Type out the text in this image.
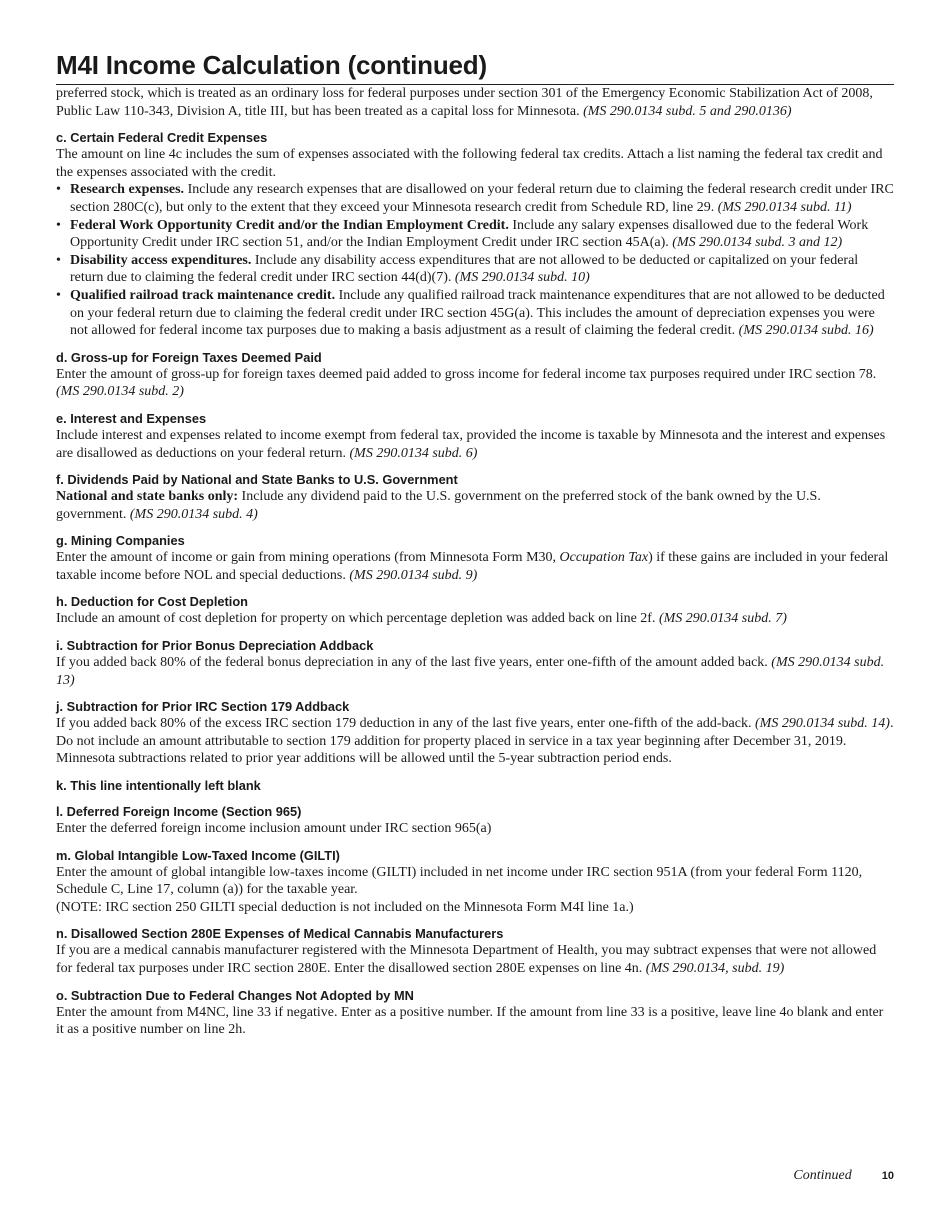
M4I Income Calculation (continued)

preferred stock, which is treated as an ordinary loss for federal purposes under section 301 of the Emergency Economic Stabilization Act of 2008, Public Law 110-343, Division A, title III, but has been treated as a capital loss for Minnesota. (MS 290.0134 subd. 5 and 290.0136)

c. Certain Federal Credit Expenses

The amount on line 4c includes the sum of expenses associated with the following federal tax credits. Attach a list naming the federal tax credit and the expenses associated with the credit.

• Research expenses. Include any research expenses that are disallowed on your federal return due to claiming the federal research credit under IRC section 280C(c), but only to the extent that they exceed your Minnesota research credit from Schedule RD, line 29. (MS 290.0134 subd. 11)
• Federal Work Opportunity Credit and/or the Indian Employment Credit. Include any salary expenses disallowed due to the federal Work Opportunity Credit under IRC section 51, and/or the Indian Employment Credit under IRC section 45A(a). (MS 290.0134 subd. 3 and 12)
• Disability access expenditures. Include any disability access expenditures that are not allowed to be deducted or capitalized on your federal return due to claiming the federal credit under IRC section 44(d)(7). (MS 290.0134 subd. 10)
• Qualified railroad track maintenance credit. Include any qualified railroad track maintenance expenditures that are not allowed to be deducted on your federal return due to claiming the federal credit under IRC section 45G(a). This includes the amount of depreciation expenses you were not allowed for federal income tax purposes due to making a basis adjustment as a result of claiming the federal credit. (MS 290.0134 subd. 16)
d. Gross-up for Foreign Taxes Deemed Paid

Enter the amount of gross-up for foreign taxes deemed paid added to gross income for federal income tax purposes required under IRC section 78. (MS 290.0134 subd. 2)

e. Interest and Expenses

Include interest and expenses related to income exempt from federal tax, provided the income is taxable by Minnesota and the interest and expenses are disallowed as deductions on your federal return. (MS 290.0134 subd. 6)

f. Dividends Paid by National and State Banks to U.S. Government

National and state banks only: Include any dividend paid to the U.S. government on the preferred stock of the bank owned by the U.S. government. (MS 290.0134 subd. 4)

g. Mining Companies

Enter the amount of income or gain from mining operations (from Minnesota Form M30, Occupation Tax) if these gains are included in your federal taxable income before NOL and special deductions. (MS 290.0134 subd. 9)

h. Deduction for Cost Depletion

Include an amount of cost depletion for property on which percentage depletion was added back on line 2f. (MS 290.0134 subd. 7)

i. Subtraction for Prior Bonus Depreciation Addback

If you added back 80% of the federal bonus depreciation in any of the last five years, enter one-fifth of the amount added back. (MS 290.0134 subd. 13)

j. Subtraction for Prior IRC Section 179 Addback

If you added back 80% of the excess IRC section 179 deduction in any of the last five years, enter one-fifth of the add-back. (MS 290.0134 subd. 14). Do not include an amount attributable to section 179 addition for property placed in service in a tax year beginning after December 31, 2019. Minnesota subtractions related to prior year additions will be allowed until the 5-year subtraction period ends.

k. This line intentionally left blank
l. Deferred Foreign Income (Section 965)

Enter the deferred foreign income inclusion amount under IRC section 965(a)

m. Global Intangible Low-Taxed Income (GILTI)

Enter the amount of global intangible low-taxes income (GILTI) included in net income under IRC section 951A (from your federal Form 1120, Schedule C, Line 17, column (a)) for the taxable year.

(NOTE: IRC section 250 GILTI special deduction is not included on the Minnesota Form M4I line 1a.)

n. Disallowed Section 280E Expenses of Medical Cannabis Manufacturers

If you are a medical cannabis manufacturer registered with the Minnesota Department of Health, you may subtract expenses that were not allowed for federal tax purposes under IRC section 280E. Enter the disallowed section 280E expenses on line 4n. (MS 290.0134, subd. 19)

o. Subtraction Due to Federal Changes Not Adopted by MN

Enter the amount from M4NC, line 33 if negative. Enter as a positive number. If the amount from line 33 is a positive, leave line 4o blank and enter it as a positive number on line 2h.

Continued	10
